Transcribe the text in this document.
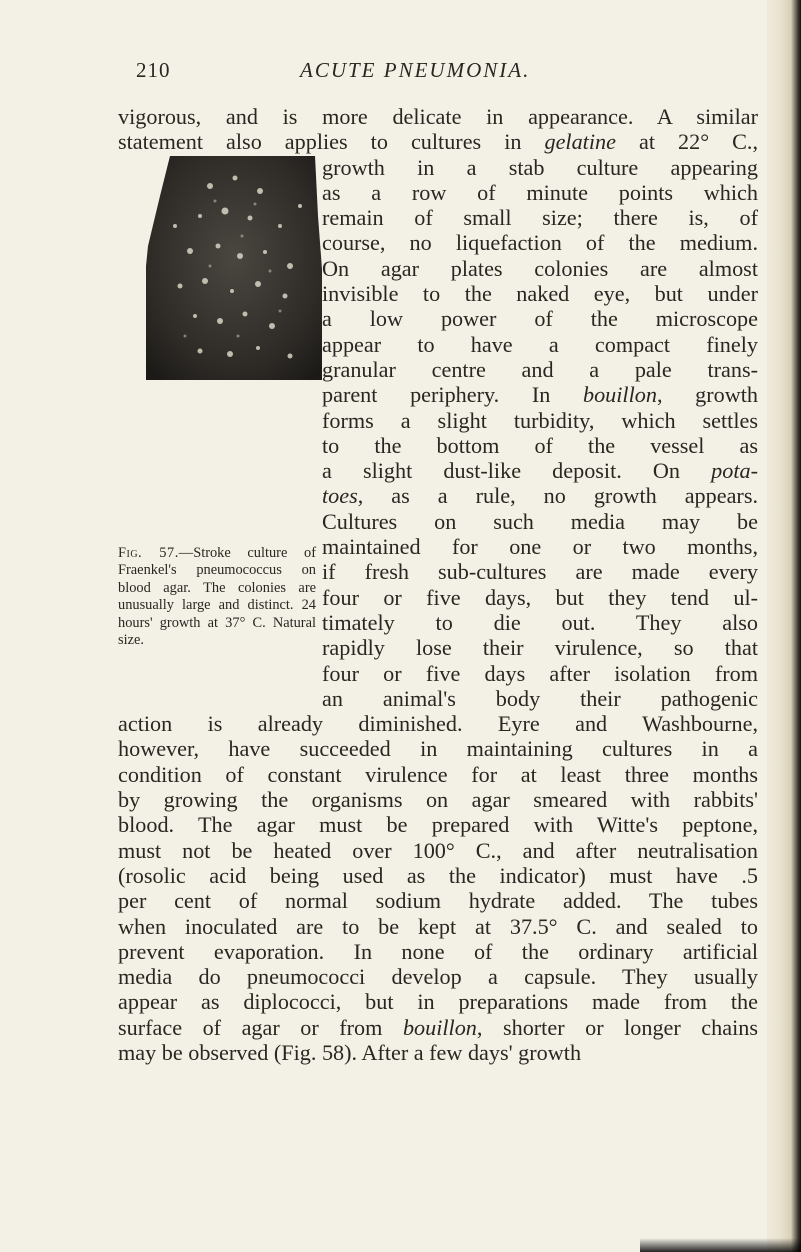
210	ACUTE PNEUMONIA.
Fig. 57.—Stroke culture of Fraenkel's pneumococcus on blood agar. The colonies are unusually large and distinct. 24 hours' growth at 37° C. Natural size.
vigorous, and is more delicate in appearance. A similar
statement also applies to cultures in gelatine at 22° C.,
growth in a stab culture appearing
as a row of minute points which
remain of small size; there is, of
course, no liquefaction of the medium.
On agar plates colonies are almost
invisible to the naked eye, but under
a low power of the microscope
appear to have a compact finely
granular centre and a pale trans-
parent periphery. In bouillon, growth
forms a slight turbidity, which settles
to the bottom of the vessel as
a slight dust-like deposit. On pota-
toes, as a rule, no growth appears.
Cultures on such media may be
maintained for one or two months,
if fresh sub-cultures are made every
four or five days, but they tend ul-
timately to die out. They also
rapidly lose their virulence, so that
four or five days after isolation from
an animal's body their pathogenic
action is already diminished. Eyre and Washbourne,
however, have succeeded in maintaining cultures in a
condition of constant virulence for at least three months
by growing the organisms on agar smeared with rabbits'
blood. The agar must be prepared with Witte's peptone,
must not be heated over 100° C., and after neutralisation
(rosolic acid being used as the indicator) must have .5
per cent of normal sodium hydrate added. The tubes
when inoculated are to be kept at 37.5° C. and sealed to
prevent evaporation. In none of the ordinary artificial
media do pneumococci develop a capsule. They usually
appear as diplococci, but in preparations made from the
surface of agar or from bouillon, shorter or longer chains
may be observed (Fig. 58). After a few days' growth
